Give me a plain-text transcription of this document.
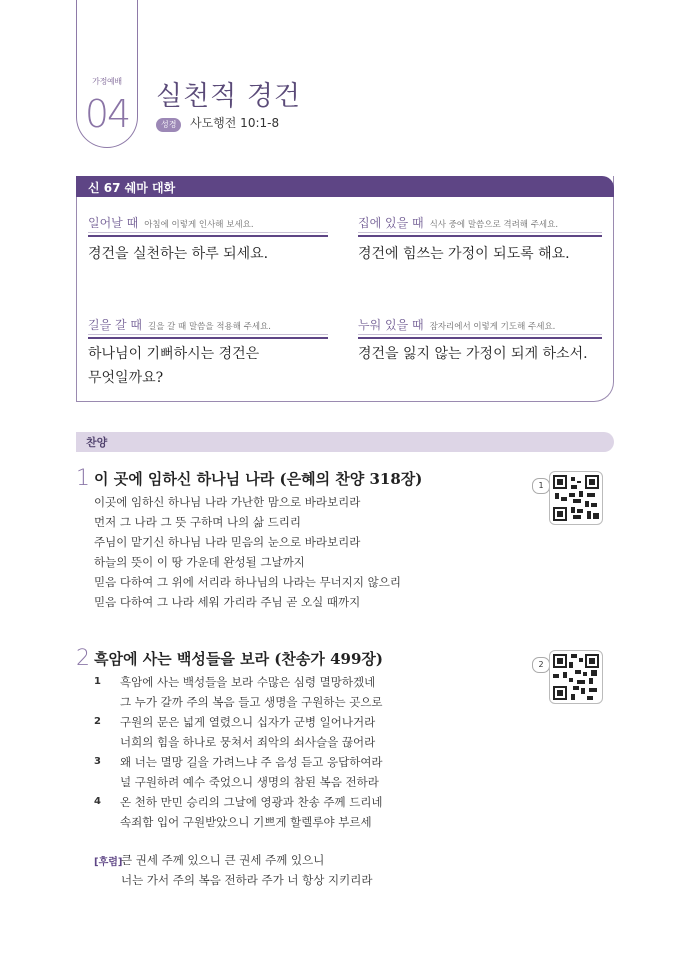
가정예배
04 실천적 경건
성경	사도행전 10:1-8
신 67 쉐마 대화
일어날 때 아침에 이렇게 인사해 보세요.
경건을 실천하는 하루 되세요.
집에 있을 때 식사 중에 말씀으로 격려해 주세요.
경건에 힘쓰는 가정이 되도록 해요.
길을 갈 때 길을 갈 때 말씀을 적용해 주세요.
하나님이 기뻐하시는 경건은
무엇일까요?
누워 있을 때 잠자리에서 이렇게 기도해 주세요.
경건을 잃지 않는 가정이 되게 하소서.
찬양
1 이 곳에 임하신 하나님 나라 (은혜의 찬양 318장)	1
이곳에 임하신 하나님 나라 가난한 맘으로 바라보리라
먼저 그 나라 그 뜻 구하며 나의 삶 드리리
주님이 맡기신 하나님 나라 믿음의 눈으로 바라보리라
하늘의 뜻이 이 땅 가운데 완성될 그날까지
믿음 다하여 그 위에 서리라 하나님의 나라는 무너지지 않으리
믿음 다하여 그 나라 세워 가리라 주님 곧 오실 때까지
2 흑암에 사는 백성들을 보라 (찬송가 499장)	2
1 흑암에 사는 백성들을 보라 수많은 심령 멸망하겠네
그 누가 갈까 주의 복음 들고 생명을 구원하는 곳으로
2 구원의 문은 넓게 열렸으니 십자가 군병 일어나거라
너희의 힘을 하나로 뭉쳐서 죄악의 쇠사슬을 끊어라
3 왜 너는 멸망 길을 가려느냐 주 음성 듣고 응답하여라
널 구원하려 예수 죽었으니 생명의 참된 복음 전하라
4 온 천하 만민 승리의 그날에 영광과 찬송 주께 드리네
속죄함 입어 구원받았으니 기쁘게 할렐루야 부르세
[후렴]
큰 권세 주께 있으니 큰 권세 주께 있으니
너는 가서 주의 복음 전하라 주가 너 항상 지키리라
